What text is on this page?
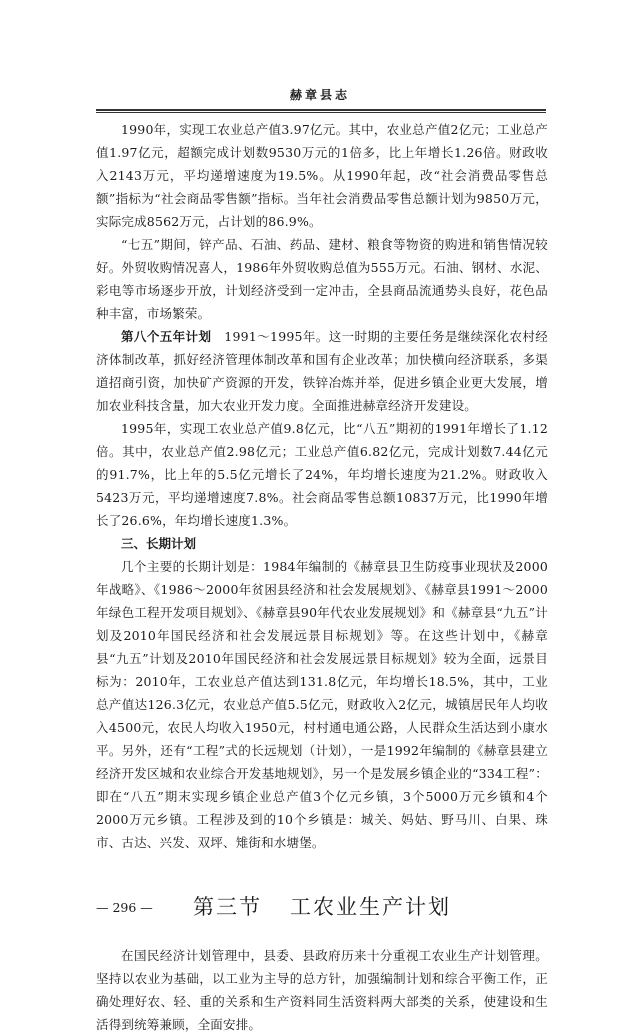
赫章县志

1990年，实现工农业总产值3.97亿元。其中，农业总产值2亿元；工业总产值1.97亿元，超额完成计划数9530万元的1倍多，比上年增长1.26倍。财政收入2143万元，平均递增速度为19.5%。从1990年起，改“社会消费品零售总额”指标为“社会商品零售额”指标。当年社会消费品零售总额计划为9850万元，实际完成8562万元，占计划的86.9%。

“七五”期间，锌产品、石油、药品、建材、粮食等物资的购进和销售情况较好。外贸收购情况喜人，1986年外贸收购总值为555万元。石油、钢材、水泥、彩电等市场逐步开放，计划经济受到一定冲击，全县商品流通势头良好，花色品种丰富，市场繁荣。

第八个五年计划　1991～1995年。这一时期的主要任务是继续深化农村经济体制改革，抓好经济管理体制改革和国有企业改革；加快横向经济联系，多渠道招商引资，加快矿产资源的开发，铁锌冶炼并举，促进乡镇企业更大发展，增加农业科技含量，加大农业开发力度。全面推进赫章经济开发建设。

1995年，实现工农业总产值9.8亿元，比“八五”期初的1991年增长了1.12倍。其中，农业总产值2.98亿元；工业总产值6.82亿元，完成计划数7.44亿元的91.7%，比上年的5.5亿元增长了24%，年均增长速度为21.2%。财政收入5423万元，平均递增速度7.8%。社会商品零售总额10837万元，比1990年增长了26.6%，年均增长速度1.3%。

三、长期计划

几个主要的长期计划是：1984年编制的《赫章县卫生防疫事业现状及2000年战略》、《1986～2000年贫困县经济和社会发展规划》、《赫章县1991～2000年绿色工程开发项目规划》、《赫章县90年代农业发展规划》和《赫章县“九五”计划及2010年国民经济和社会发展远景目标规划》等。在这些计划中，《赫章县“九五”计划及2010年国民经济和社会发展远景目标规划》较为全面，远景目标为：2010年，工农业总产值达到131.8亿元，年均增长18.5%，其中，工业总产值达126.3亿元，农业总产值5.5亿元，财政收入2亿元，城镇居民年人均收入4500元，农民人均收入1950元，村村通电通公路，人民群众生活达到小康水平。另外，还有“工程”式的长远规划（计划），一是1992年编制的《赫章县建立经济开发区城和农业综合开发基地规划》，另一个是发展乡镇企业的“334工程”：即在“八五”期末实现乡镇企业总产值3个亿元乡镇，3个5000万元乡镇和4个2000万元乡镇。工程涉及到的10个乡镇是：城关、妈姑、野马川、白果、珠市、古达、兴发、双坪、雉街和水塘堡。

第三节 工农业生产计划

在国民经济计划管理中，县委、县政府历来十分重视工农业生产计划管理。坚持以农业为基础，以工业为主导的总方针，加强编制计划和综合平衡工作，正确处理好农、轻、重的关系和生产资料同生活资料两大部类的关系，使建设和生活得到统筹兼顾，全面安排。

— 296 —
